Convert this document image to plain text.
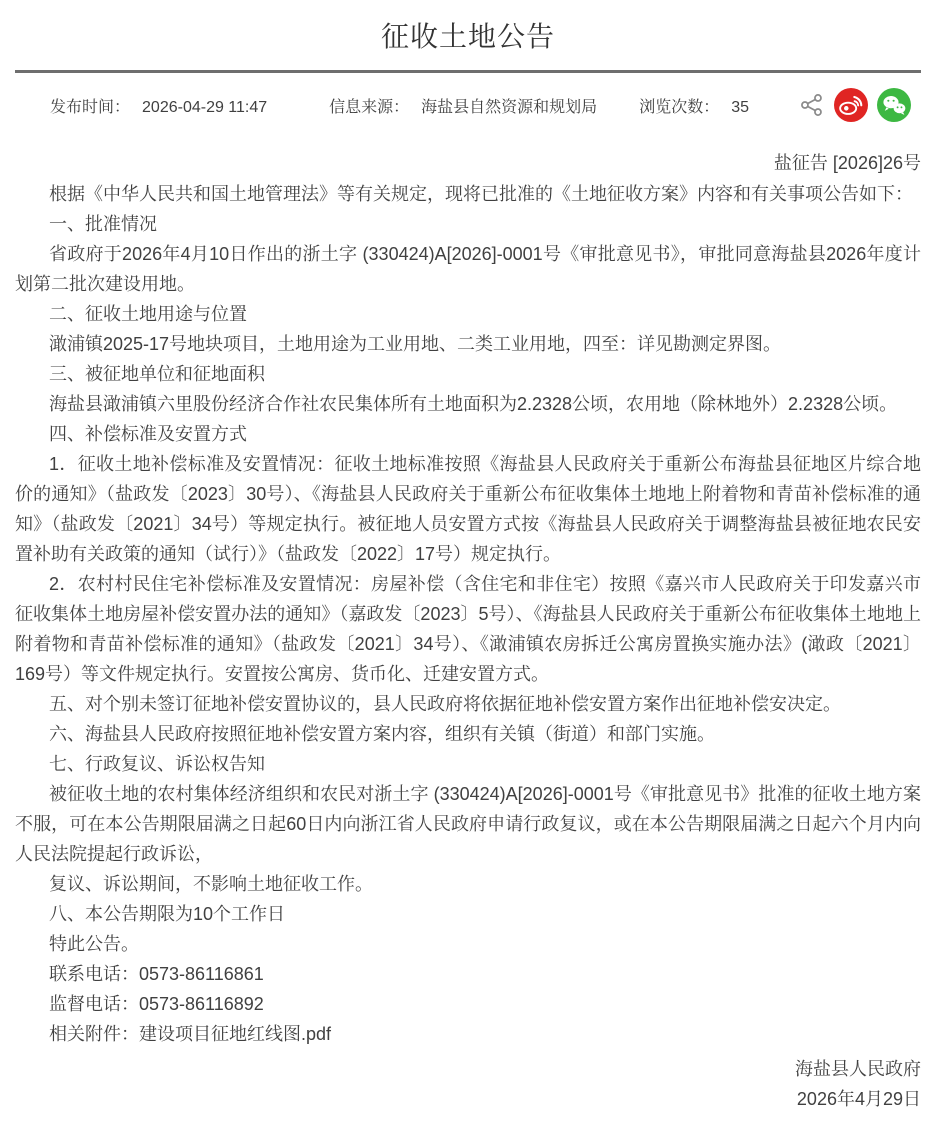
征收土地公告
发布时间： 2026-04-29 11:47	信息来源： 海盐县自然资源和规划局	浏览次数： 35
盐征告 [2026]26号

根据《中华人民共和国土地管理法》等有关规定，现将已批准的《土地征收方案》内容和有关事项公告如下：

一、批准情况

省政府于2026年4月10日作出的浙土字 (330424)A[2026]-0001号《审批意见书》，审批同意海盐县2026年度计划第二批次建设用地。

二、征收土地用途与位置

澉浦镇2025-17号地块项目，土地用途为工业用地、二类工业用地，四至：详见勘测定界图。

三、被征地单位和征地面积

海盐县澉浦镇六里股份经济合作社农民集体所有土地面积为2.2328公顷，农用地（除林地外）2.2328公顷。

四、补偿标准及安置方式

1．征收土地补偿标准及安置情况：征收土地标准按照《海盐县人民政府关于重新公布海盐县征地区片综合地价的通知》（盐政发〔2023〕30号）、《海盐县人民政府关于重新公布征收集体土地地上附着物和青苗补偿标准的通知》（盐政发〔2021〕34号）等规定执行。被征地人员安置方式按《海盐县人民政府关于调整海盐县被征地农民安置补助有关政策的通知（试行）》（盐政发〔2022〕17号）规定执行。

2．农村村民住宅补偿标准及安置情况：房屋补偿（含住宅和非住宅）按照《嘉兴市人民政府关于印发嘉兴市征收集体土地房屋补偿安置办法的通知》（嘉政发〔2023〕5号）、《海盐县人民政府关于重新公布征收集体土地地上附着物和青苗补偿标准的通知》（盐政发〔2021〕34号）、《澉浦镇农房拆迁公寓房置换实施办法》(澉政〔2021〕169号）等文件规定执行。安置按公寓房、货币化、迁建安置方式。

五、对个别未签订征地补偿安置协议的，县人民政府将依据征地补偿安置方案作出征地补偿安决定。

六、海盐县人民政府按照征地补偿安置方案内容，组织有关镇（街道）和部门实施。

七、行政复议、诉讼权告知

被征收土地的农村集体经济组织和农民对浙土字 (330424)A[2026]-0001号《审批意见书》批准的征收土地方案不服，可在本公告期限届满之日起60日内向浙江省人民政府申请行政复议，或在本公告期限届满之日起六个月内向人民法院提起行政诉讼，

复议、诉讼期间，不影响土地征收工作。

八、本公告期限为10个工作日

特此公告。

联系电话：0573-86116861

监督电话：0573-86116892

相关附件：建设项目征地红线图.pdf

海盐县人民政府

2026年4月29日
